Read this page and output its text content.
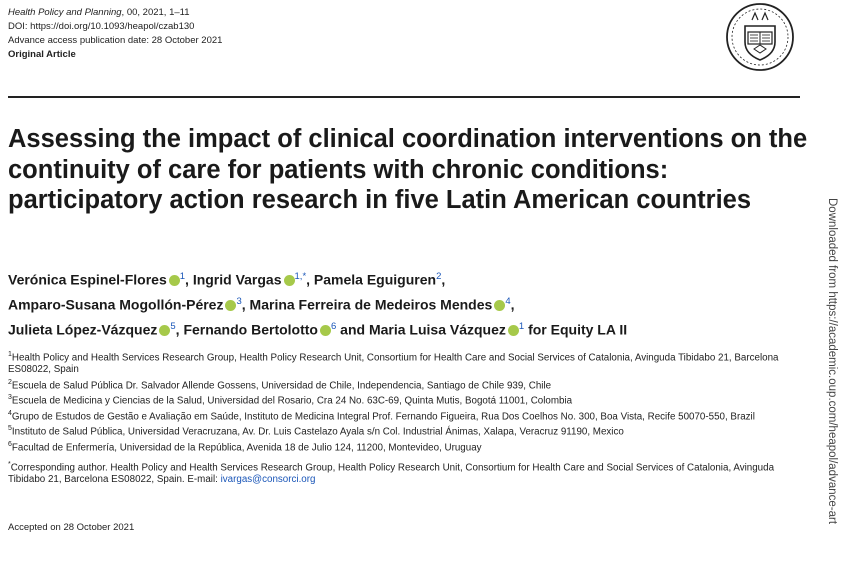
Health Policy and Planning, 00, 2021, 1–11
DOI: https://doi.org/10.1093/heapol/czab130
Advance access publication date: 28 October 2021
Original Article
Assessing the impact of clinical coordination interventions on the continuity of care for patients with chronic conditions: participatory action research in five Latin American countries
Verónica Espinel-Flores $^1$, Ingrid Vargas $^{1,*}$, Pamela Eguiguren$^2$,
Amparo-Susana Mogollón-Pérez $^3$, Marina Ferreira de Medeiros Mendes $^4$,
Julieta López-Vázquez $^5$, Fernando Bertolotto $^6$ and Maria Luisa Vázquez $^1$ for Equity LA II
$^1$Health Policy and Health Services Research Group, Health Policy Research Unit, Consortium for Health Care and Social Services of Catalonia, Avinguda Tibidabo 21, Barcelona ES08022, Spain
$^2$Escuela de Salud Pública Dr. Salvador Allende Gossens, Universidad de Chile, Independencia, Santiago de Chile 939, Chile
$^3$Escuela de Medicina y Ciencias de la Salud, Universidad del Rosario, Cra 24 No. 63C-69, Quinta Mutis, Bogotá 11001, Colombia
$^4$Grupo de Estudos de Gestão e Avaliação em Saúde, Instituto de Medicina Integral Prof. Fernando Figueira, Rua Dos Coelhos No. 300, Boa Vista, Recife 50070-550, Brazil
$^5$Instituto de Salud Pública, Universidad Veracruzana, Av. Dr. Luis Castelazo Ayala s/n Col. Industrial Ánimas, Xalapa, Veracruz 91190, Mexico
$^6$Facultad de Enfermería, Universidad de la República, Avenida 18 de Julio 124, 11200, Montevideo, Uruguay
*Corresponding author. Health Policy and Health Services Research Group, Health Policy Research Unit, Consortium for Health Care and Social Services of Catalonia, Avinguda Tibidabo 21, Barcelona ES08022, Spain. E-mail: ivargas@consorci.org
Accepted on 28 October 2021
Downloaded from https://academic.oup.com/heapol/advance-art
